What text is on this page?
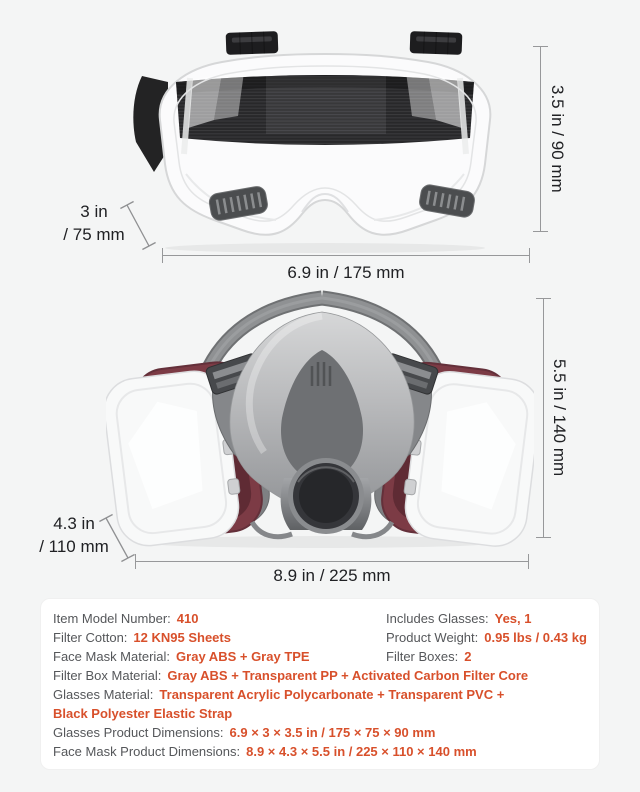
3.5 in / 90 mm
3 in
/ 75 mm
6.9 in / 175 mm
5.5 in / 140 mm
4.3 in
/ 110 mm
8.9 in / 225 mm
Item Model Number: 410
Filter Cotton: 12 KN95 Sheets
Face Mask Material: Gray ABS + Gray TPE
Filter Box Material: Gray ABS + Transparent PP + Activated Carbon Filter Core
Glasses Material: Transparent Acrylic Polycarbonate + Transparent PVC +
Black Polyester Elastic Strap
Glasses Product Dimensions: 6.9 × 3 × 3.5 in / 175 × 75 × 90 mm
Face Mask Product Dimensions: 8.9 × 4.3 × 5.5 in / 225 × 110 × 140 mm
Includes Glasses: Yes, 1
Product Weight: 0.95 lbs / 0.43 kg
Filter Boxes: 2
